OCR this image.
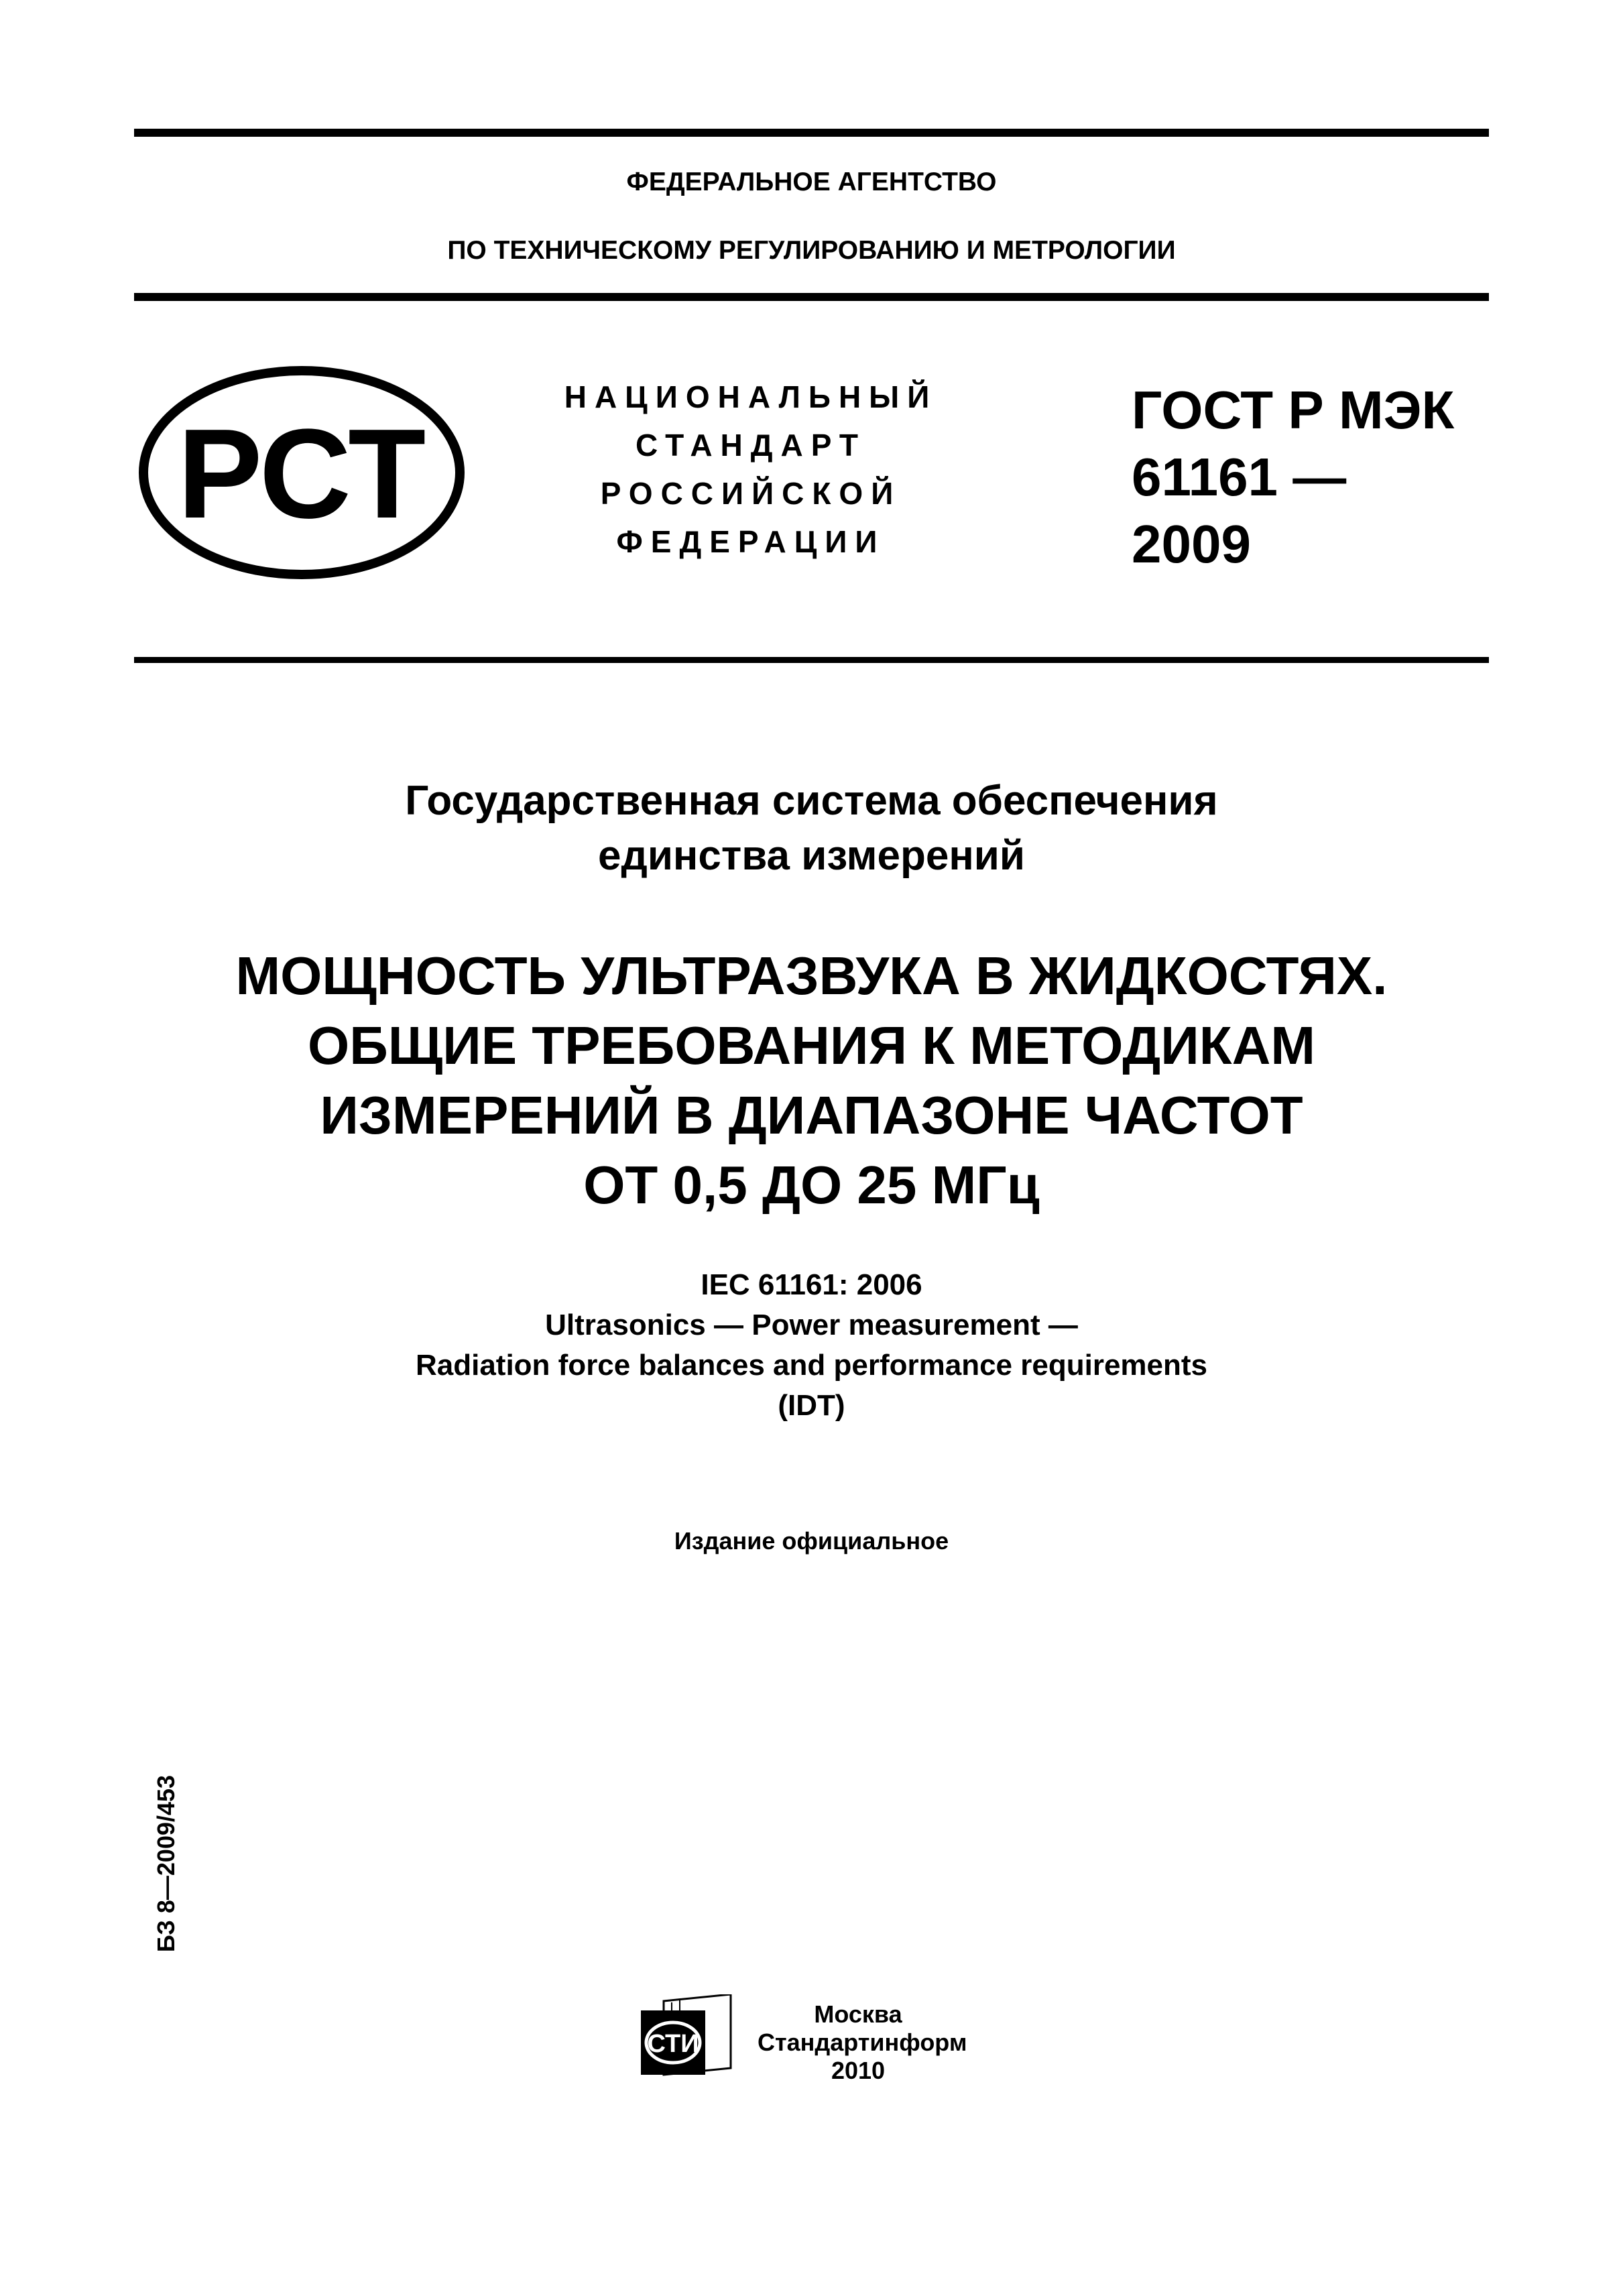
ФЕДЕРАЛЬНОЕ АГЕНТСТВО
ПО ТЕХНИЧЕСКОМУ РЕГУЛИРОВАНИЮ И МЕТРОЛОГИИ
РСТ
НАЦИОНАЛЬНЫЙ
СТАНДАРТ
РОССИЙСКОЙ
ФЕДЕРАЦИИ
ГОСТ Р МЭК
61161 —
2009
Государственная система обеспечения
единства измерений
МОЩНОСТЬ УЛЬТРАЗВУКА В ЖИДКОСТЯХ.
ОБЩИЕ ТРЕБОВАНИЯ К МЕТОДИКАМ
ИЗМЕРЕНИЙ В ДИАПАЗОНЕ ЧАСТОТ
ОТ 0,5 ДО 25 МГц
IEC 61161: 2006
Ultrasonics — Power measurement —
Radiation force balances and performance requirements
(IDT)
Издание официальное
БЗ 8—2009/453
СТИ
Москва
Стандартинформ
2010
